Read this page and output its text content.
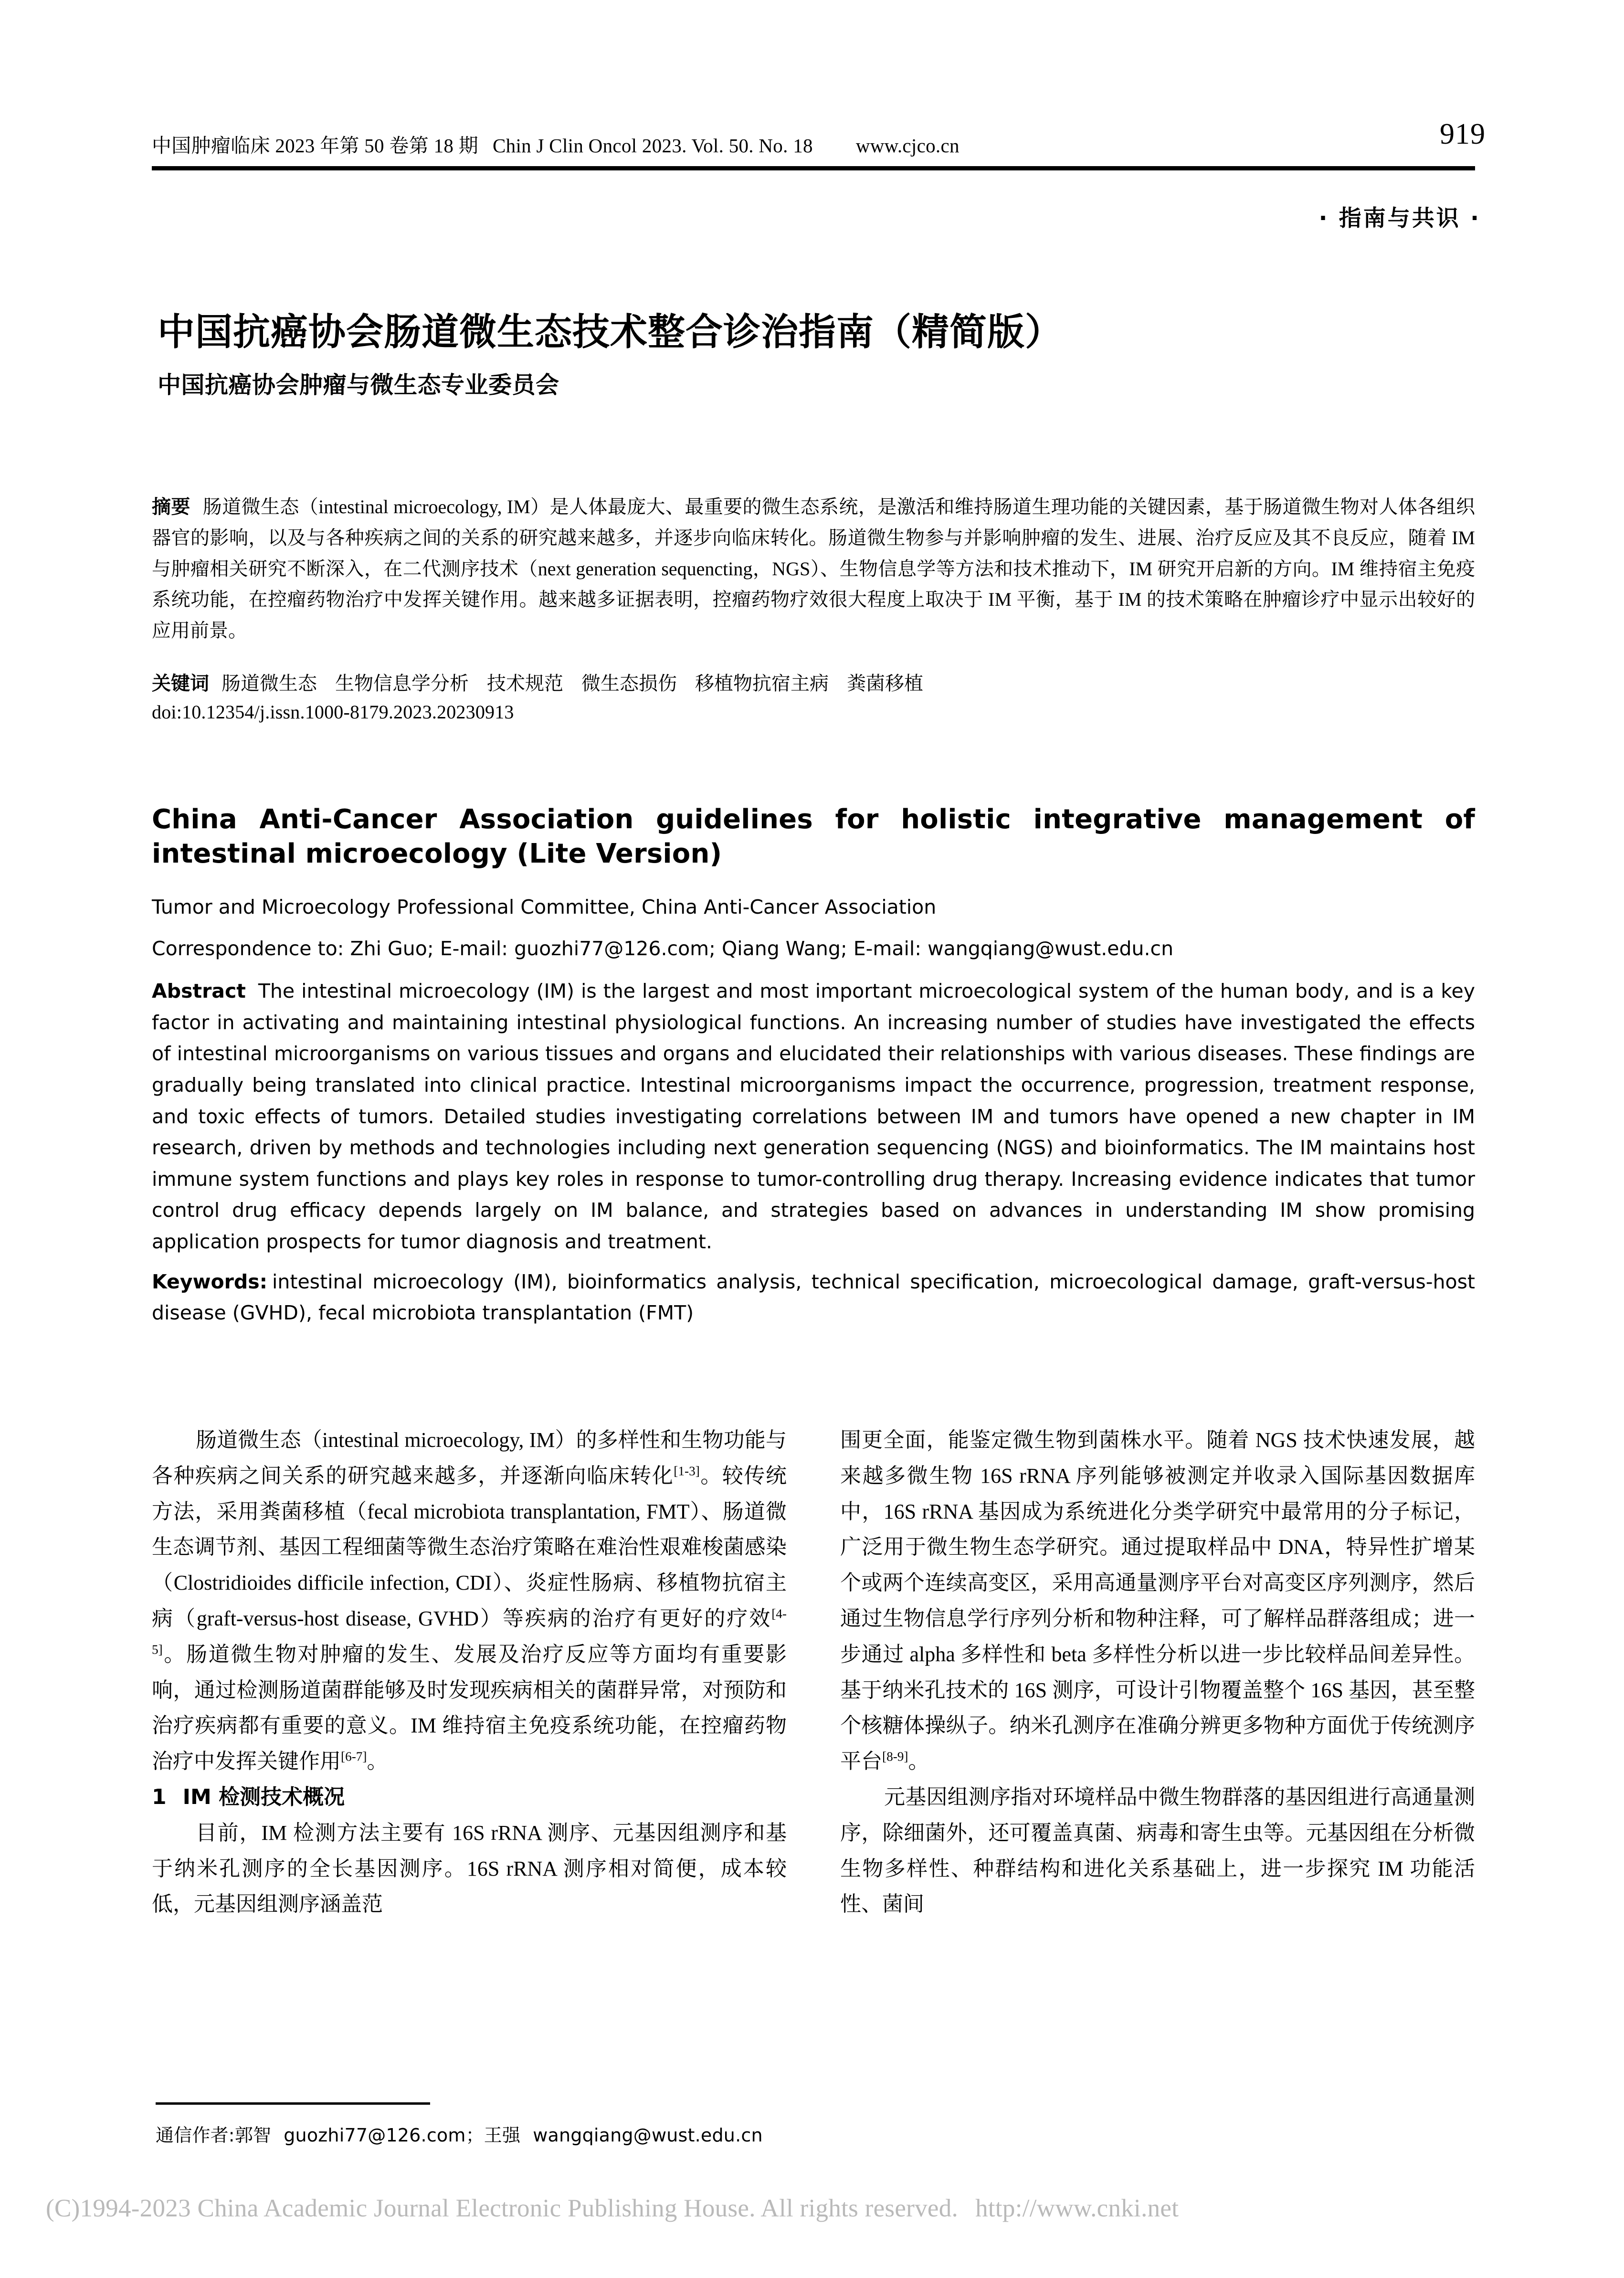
中国肿瘤临床 2023 年第 50 卷第 18 期 Chin J Clin Oncol 2023. Vol. 50. No. 18 www.cjco.cn	919
· 指南与共识 ·
中国抗癌协会肠道微生态技术整合诊治指南（精简版）
中国抗癌协会肿瘤与微生态专业委员会
摘要 肠道微生态（intestinal microecology, IM）是人体最庞大、最重要的微生态系统，是激活和维持肠道生理功能的关键因素，基于肠道微生物对人体各组织器官的影响，以及与各种疾病之间的关系的研究越来越多，并逐步向临床转化。肠道微生物参与并影响肿瘤的发生、进展、治疗反应及其不良反应，随着 IM 与肿瘤相关研究不断深入，在二代测序技术（next generation sequencting，NGS）、生物信息学等方法和技术推动下，IM 研究开启新的方向。IM 维持宿主免疫系统功能，在控瘤药物治疗中发挥关键作用。越来越多证据表明，控瘤药物疗效很大程度上取决于 IM 平衡，基于 IM 的技术策略在肿瘤诊疗中显示出较好的应用前景。
关键词 肠道微生态 生物信息学分析 技术规范 微生态损伤 移植物抗宿主病 粪菌移植
doi:10.12354/j.issn.1000-8179.2023.20230913
China Anti-Cancer Association guidelines for holistic integrative management of intestinal microecology (Lite Version)
Tumor and Microecology Professional Committee, China Anti-Cancer Association
Correspondence to: Zhi Guo; E-mail: guozhi77@126.com; Qiang Wang; E-mail: wangqiang@wust.edu.cn
Abstract The intestinal microecology (IM) is the largest and most important microecological system of the human body, and is a key factor in activating and maintaining intestinal physiological functions. An increasing number of studies have investigated the effects of intestinal microorganisms on various tissues and organs and elucidated their relationships with various diseases. These findings are gradually being translated into clinical practice. Intestinal microorganisms impact the occurrence, progression, treatment response, and toxic effects of tumors. Detailed studies investigating correlations between IM and tumors have opened a new chapter in IM research, driven by methods and technologies including next generation sequencing (NGS) and bioinformatics. The IM maintains host immune system functions and plays key roles in response to tumor-controlling drug therapy. Increasing evidence indicates that tumor control drug efficacy depends largely on IM balance, and strategies based on advances in understanding IM show promising application prospects for tumor diagnosis and treatment.
Keywords: intestinal microecology (IM), bioinformatics analysis, technical specification, microecological damage, graft-versus-host disease (GVHD), fecal microbiota transplantation (FMT)

肠道微生态（intestinal microecology, IM）的多样性和生物功能与各种疾病之间关系的研究越来越多，并逐渐向临床转化[1-3]。较传统方法，采用粪菌移植（fecal microbiota transplantation, FMT）、肠道微生态调节剂、基因工程细菌等微生态治疗策略在难治性艰难梭菌感染（Clostridioides difficile infection, CDI）、炎症性肠病、移植物抗宿主病（graft-versus-host disease, GVHD）等疾病的治疗有更好的疗效[4-5]。肠道微生物对肿瘤的发生、发展及治疗反应等方面均有重要影响，通过检测肠道菌群能够及时发现疾病相关的菌群异常，对预防和治疗疾病都有重要的意义。IM 维持宿主免疫系统功能，在控瘤药物治疗中发挥关键作用[6-7]。

1 IM 检测技术概况

目前，IM 检测方法主要有 16S rRNA 测序、元基因组测序和基于纳米孔测序的全长基因测序。16S rRNA 测序相对简便，成本较低，元基因组测序涵盖范

围更全面，能鉴定微生物到菌株水平。随着 NGS 技术快速发展，越来越多微生物 16S rRNA 序列能够被测定并收录入国际基因数据库中，16S rRNA 基因成为系统进化分类学研究中最常用的分子标记，广泛用于微生物生态学研究。通过提取样品中 DNA，特异性扩增某个或两个连续高变区，采用高通量测序平台对高变区序列测序，然后通过生物信息学行序列分析和物种注释，可了解样品群落组成；进一步通过 alpha 多样性和 beta 多样性分析以进一步比较样品间差异性。基于纳米孔技术的 16S 测序，可设计引物覆盖整个 16S 基因，甚至整个核糖体操纵子。纳米孔测序在准确分辨更多物种方面优于传统测序平台[8-9]。

元基因组测序指对环境样品中微生物群落的基因组进行高通量测序，除细菌外，还可覆盖真菌、病毒和寄生虫等。元基因组在分析微生物多样性、种群结构和进化关系基础上，进一步探究 IM 功能活性、菌间

通信作者:郭智 guozhi77@126.com；王强 wangqiang@wust.edu.cn
(C)1994-2023 China Academic Journal Electronic Publishing House. All rights reserved. http://www.cnki.net
